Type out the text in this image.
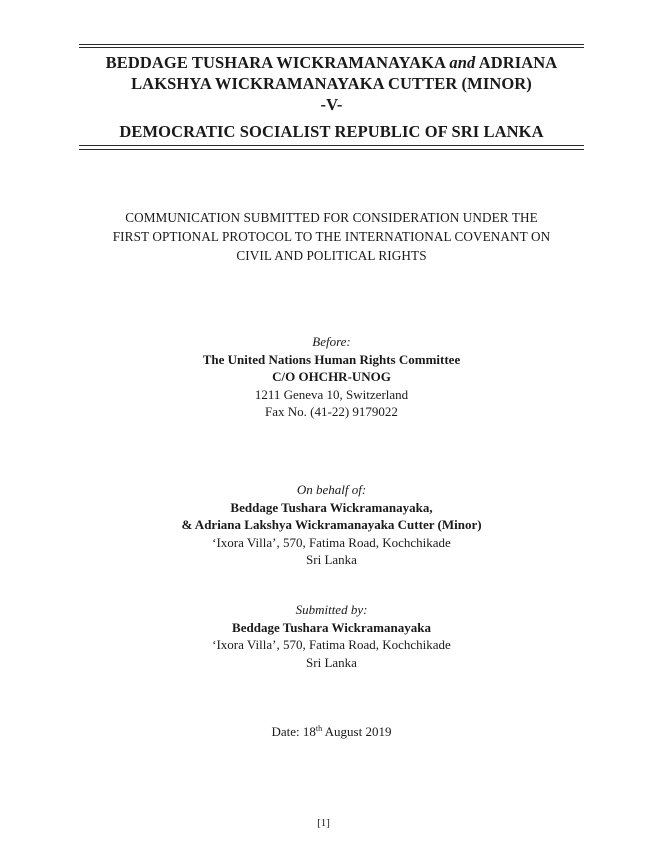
BEDDAGE TUSHARA WICKRAMANAYAKA and ADRIANA
LAKSHYA WICKRAMANAYAKA CUTTER (MINOR)
-V-
DEMOCRATIC SOCIALIST REPUBLIC OF SRI LANKA
COMMUNICATION SUBMITTED FOR CONSIDERATION UNDER THE
FIRST OPTIONAL PROTOCOL TO THE INTERNATIONAL COVENANT ON
CIVIL AND POLITICAL RIGHTS
Before:
The United Nations Human Rights Committee
C/O OHCHR-UNOG
1211 Geneva 10, Switzerland
Fax No. (41-22) 9179022
On behalf of:
Beddage Tushara Wickramanayaka,
& Adriana Lakshya Wickramanayaka Cutter (Minor)
‘Ixora Villa’, 570, Fatima Road, Kochchikade
Sri Lanka
Submitted by:
Beddage Tushara Wickramanayaka
‘Ixora Villa’, 570, Fatima Road, Kochchikade
Sri Lanka
Date: 18th August 2019
[1]
